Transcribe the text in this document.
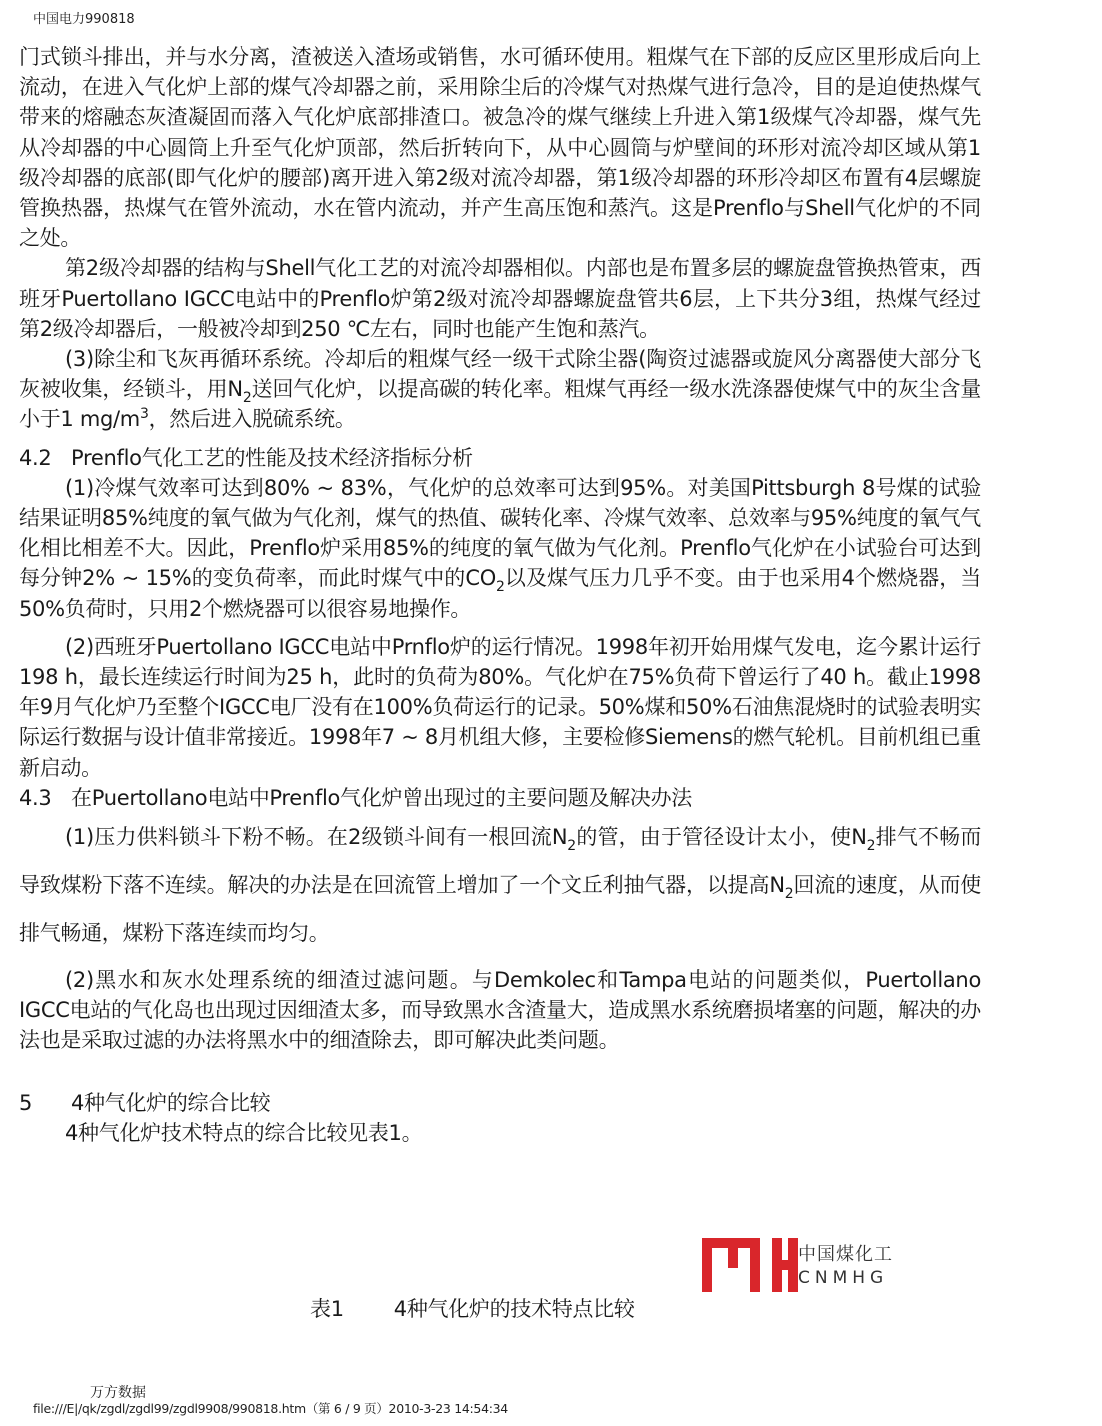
中国电力990818

门式锁斗排出，并与水分离，渣被送入渣场或销售，水可循环使用。粗煤气在下部的反应区里形成后向上流动，在进入气化炉上部的煤气冷却器之前，采用除尘后的冷煤气对热煤气进行急冷，目的是迫使热煤气带来的熔融态灰渣凝固而落入气化炉底部排渣口。被急冷的煤气继续上升进入第1级煤气冷却器，煤气先从冷却器的中心圆筒上升至气化炉顶部，然后折转向下，从中心圆筒与炉壁间的环形对流冷却区域从第1级冷却器的底部(即气化炉的腰部)离开进入第2级对流冷却器，第1级冷却器的环形冷却区布置有4层螺旋管换热器，热煤气在管外流动，水在管内流动，并产生高压饱和蒸汽。这是Prenflo与Shell气化炉的不同之处。

第2级冷却器的结构与Shell气化工艺的对流冷却器相似。内部也是布置多层的螺旋盘管换热管束，西班牙Puertollano IGCC电站中的Prenflo炉第2级对流冷却器螺旋盘管共6层，上下共分3组，热煤气经过第2级冷却器后，一般被冷却到250 ℃左右，同时也能产生饱和蒸汽。

(3)除尘和飞灰再循环系统。冷却后的粗煤气经一级干式除尘器(陶资过滤器或旋风分离器使大部分飞灰被收集，经锁斗，用$N_2$送回气化炉，以提高碳的转化率。粗煤气再经一级水洗涤器使煤气中的灰尘含量小于1 $mg/m^3$，然后进入脱硫系统。

4.2 Prenflo气化工艺的性能及技术经济指标分析

(1)冷煤气效率可达到80% ~ 83%，气化炉的总效率可达到95%。对美国Pittsburgh 8号煤的试验结果证明85%纯度的氧气做为气化剂，煤气的热值、碳转化率、冷煤气效率、总效率与95%纯度的氧气气化相比相差不大。因此，Prenflo炉采用85%的纯度的氧气做为气化剂。Prenflo气化炉在小试验台可达到每分钟2% ~ 15%的变负荷率，而此时煤气中的$CO_2$以及煤气压力几乎不变。由于也采用4个燃烧器，当50%负荷时，只用2个燃烧器可以很容易地操作。

(2)西班牙Puertollano IGCC电站中Prnflo炉的运行情况。1998年初开始用煤气发电，迄今累计运行198 h，最长连续运行时间为25 h，此时的负荷为80%。气化炉在75%负荷下曾运行了40 h。截止1998年9月气化炉乃至整个IGCC电厂没有在100%负荷运行的记录。50%煤和50%石油焦混烧时的试验表明实际运行数据与设计值非常接近。1998年7 ~ 8月机组大修，主要检修Siemens的燃气轮机。目前机组已重新启动。

4.3 在Puertollano电站中Prenflo气化炉曾出现过的主要问题及解决办法

(1)压力供料锁斗下粉不畅。在2级锁斗间有一根回流$N_2$的管，由于管径设计太小，使$N_2$排气不畅而导致煤粉下落不连续。解决的办法是在回流管上增加了一个文丘利抽气器，以提高$N_2$回流的速度，从而使排气畅通，煤粉下落连续而均匀。

(2)黑水和灰水处理系统的细渣过滤问题。与Demkolec和Tampa电站的问题类似，Puertollano IGCC电站的气化岛也出现过因细渣太多，而导致黑水含渣量大，造成黑水系统磨损堵塞的问题，解决的办法也是采取过滤的办法将黑水中的细渣除去，即可解决此类问题。

5 4种气化炉的综合比较

4种气化炉技术特点的综合比较见表1。

中国煤化工
CNMHG
表1 4种气化炉的技术特点比较
万方数据
file:///E|/qk/zgdl/zgdl99/zgdl9908/990818.htm（第 6 / 9 页）2010-3-23 14:54:34
